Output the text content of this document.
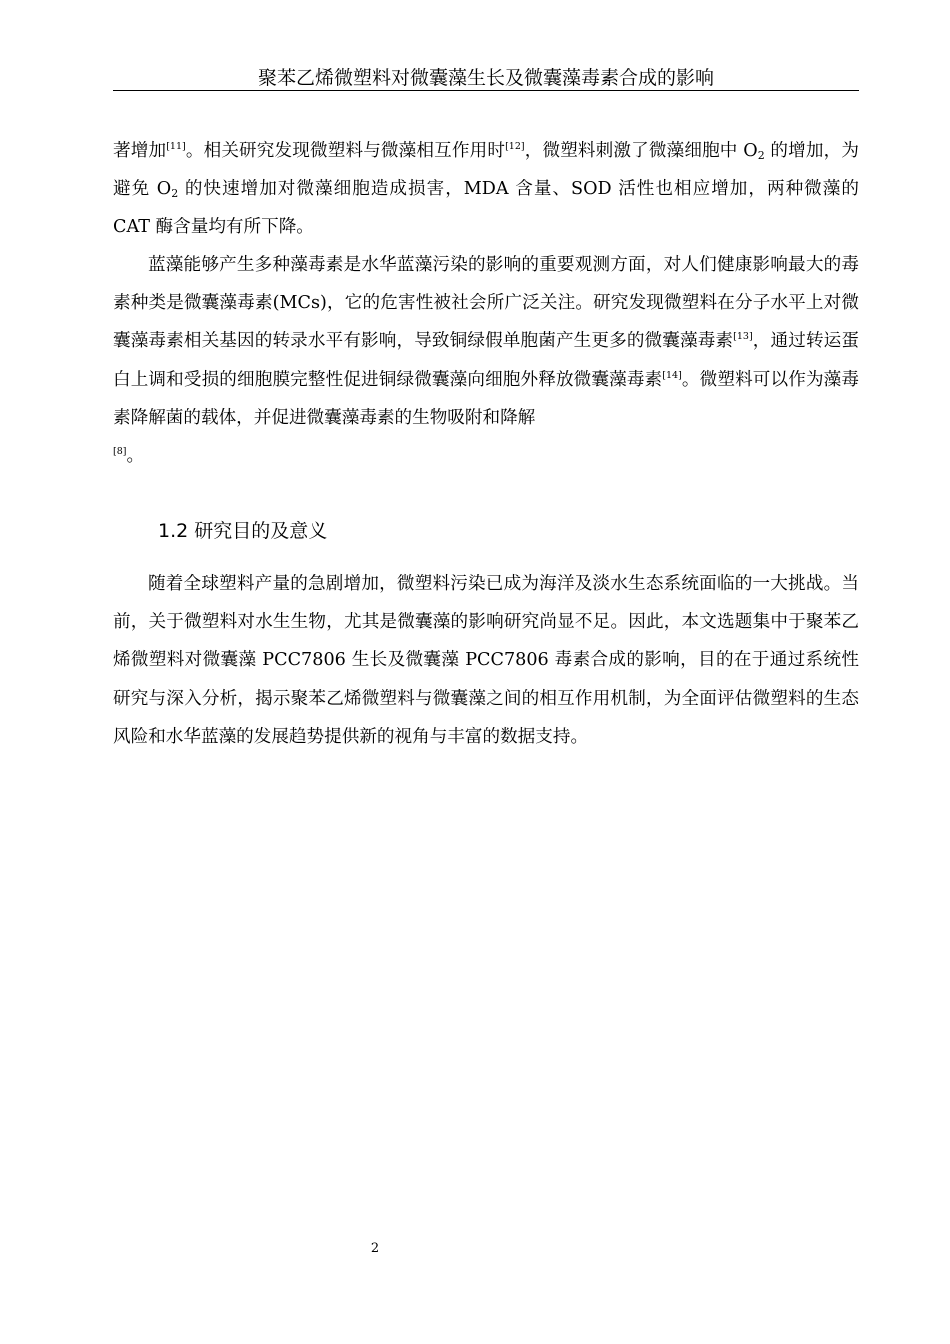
聚苯乙烯微塑料对微囊藻生长及微囊藻毒素合成的影响

著增加[11]。相关研究发现微塑料与微藻相互作用时[12]，微塑料刺激了微藻细胞中 $O_2$ 的增加，为避免 $O_2$ 的快速增加对微藻细胞造成损害，MDA 含量、SOD 活性也相应增加，两种微藻的 CAT 酶含量均有所下降。

蓝藻能够产生多种藻毒素是水华蓝藻污染的影响的重要观测方面，对人们健康影响最大的毒素种类是微囊藻毒素(MCs)，它的危害性被社会所广泛关注。研究发现微塑料在分子水平上对微囊藻毒素相关基因的转录水平有影响，导致铜绿假单胞菌产生更多的微囊藻毒素[13]，通过转运蛋白上调和受损的细胞膜完整性促进铜绿微囊藻向细胞外释放微囊藻毒素[14]。微塑料可以作为藻毒素降解菌的载体，并促进微囊藻毒素的生物吸附和降解
[8]。

1.2 研究目的及意义

随着全球塑料产量的急剧增加，微塑料污染已成为海洋及淡水生态系统面临的一大挑战。当前，关于微塑料对水生生物，尤其是微囊藻的影响研究尚显不足。因此，本文选题集中于聚苯乙烯微塑料对微囊藻 PCC7806 生长及微囊藻 PCC7806 毒素合成的影响，目的在于通过系统性研究与深入分析，揭示聚苯乙烯微塑料与微囊藻之间的相互作用机制，为全面评估微塑料的生态风险和水华蓝藻的发展趋势提供新的视角与丰富的数据支持。

2
